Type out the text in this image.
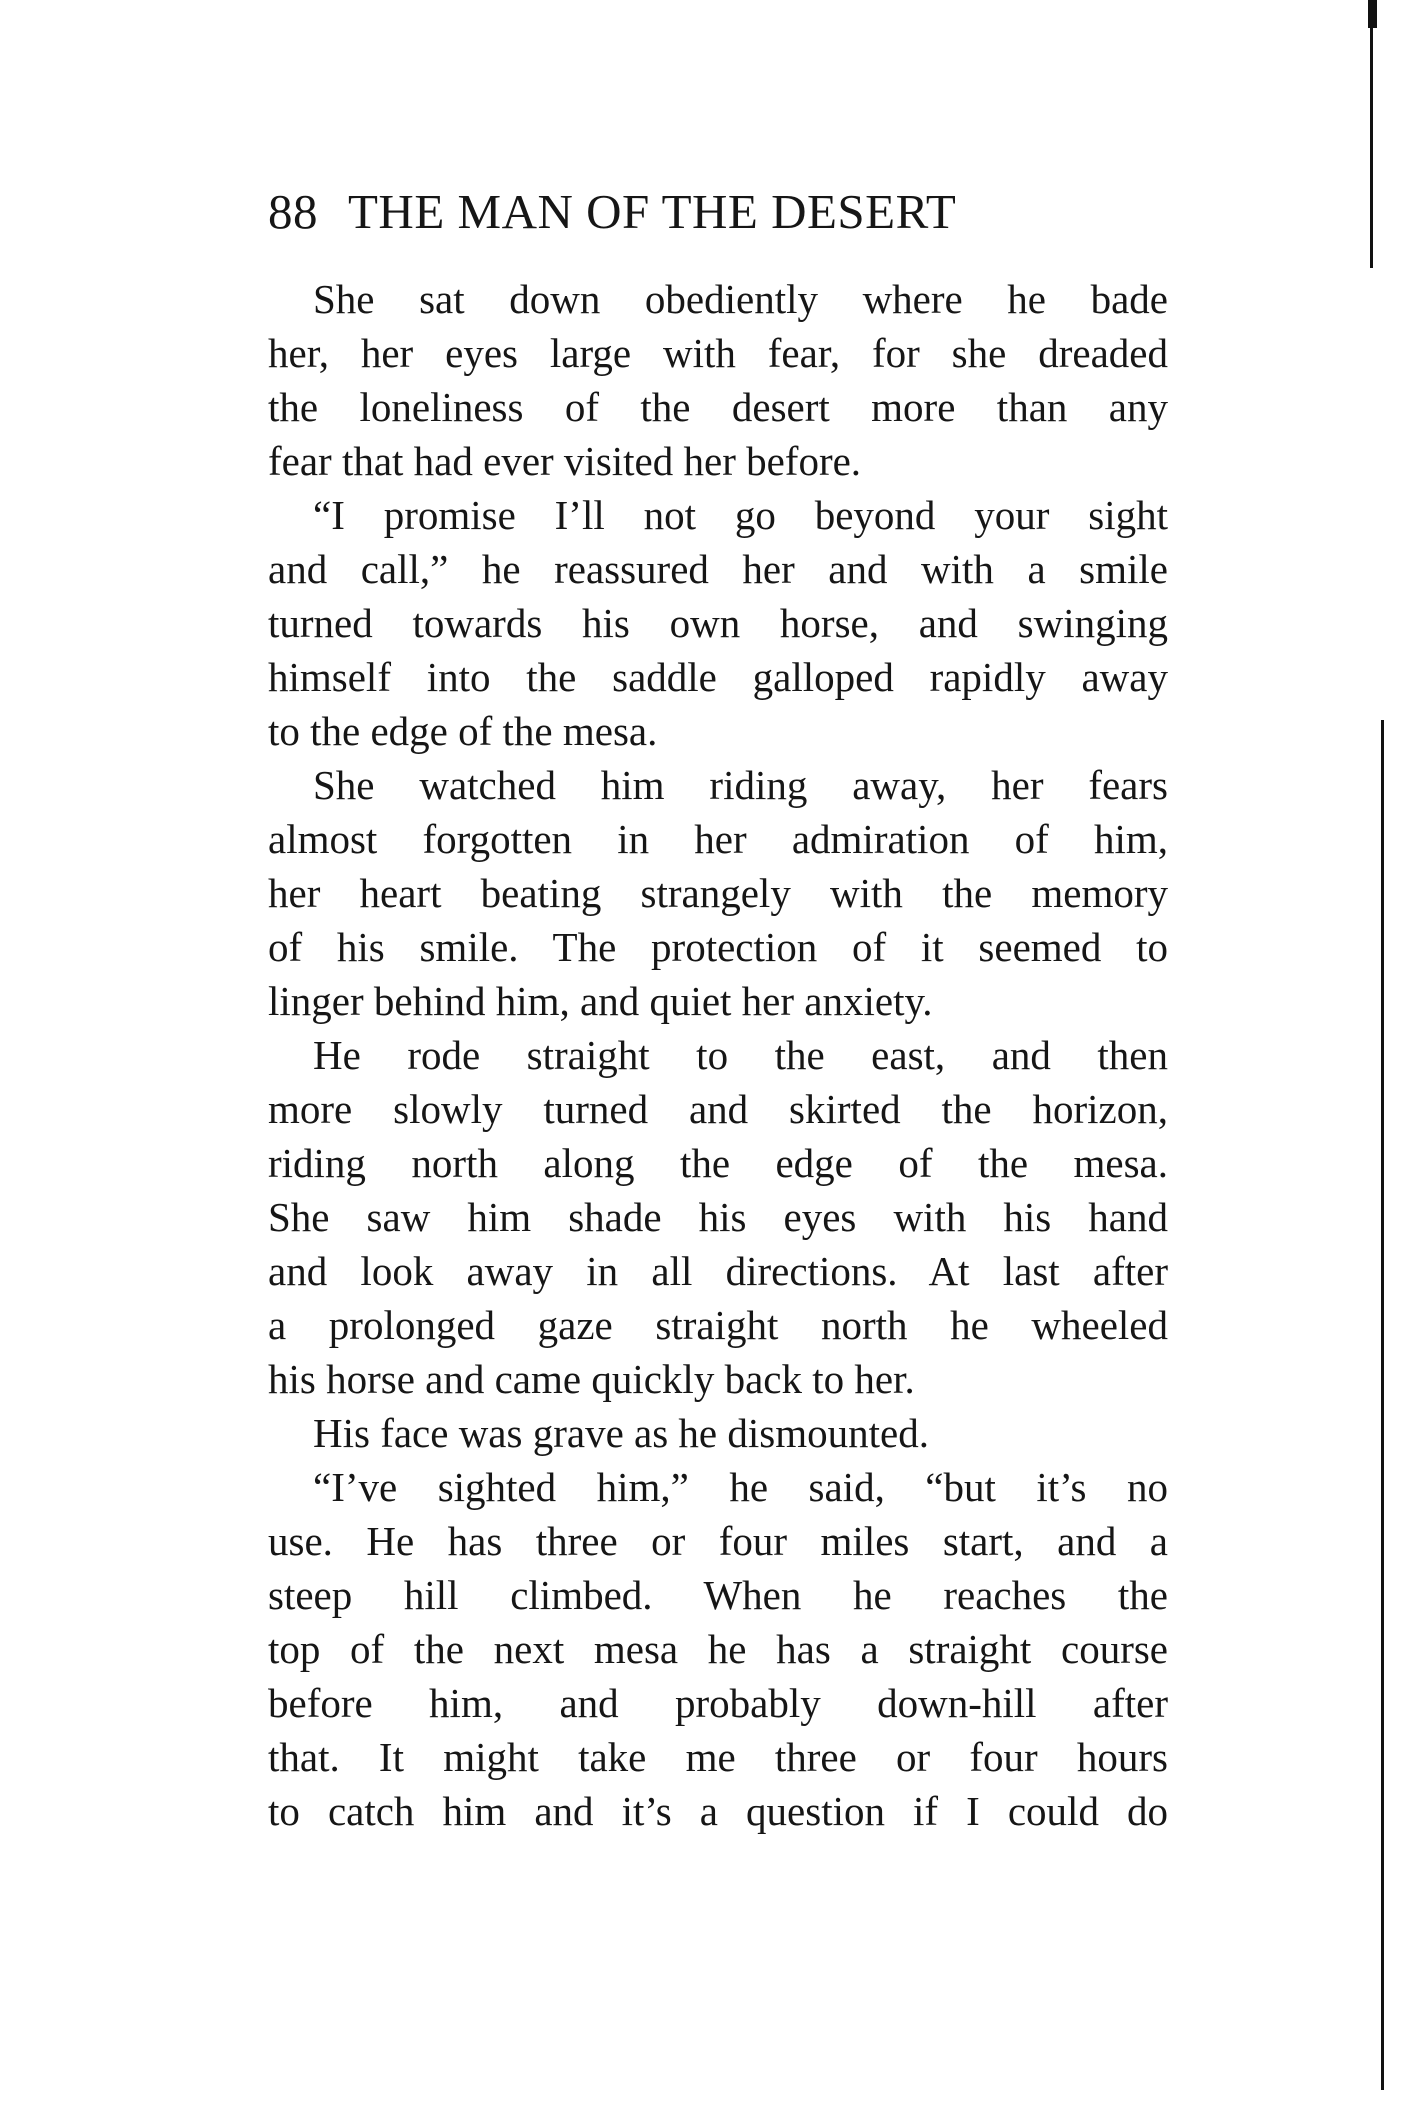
88 THE MAN OF THE DESERT
She sat down obediently where he bade
her, her eyes large with fear, for she dreaded
the loneliness of the desert more than any
fear that had ever visited her before.
“I promise I’ll not go beyond your sight
and call,” he reassured her and with a smile
turned towards his own horse, and swinging
himself into the saddle galloped rapidly away
to the edge of the mesa.
She watched him riding away, her fears
almost forgotten in her admiration of him,
her heart beating strangely with the memory
of his smile. The protection of it seemed to
linger behind him, and quiet her anxiety.
He rode straight to the east, and then
more slowly turned and skirted the horizon,
riding north along the edge of the mesa.
She saw him shade his eyes with his hand
and look away in all directions. At last after
a prolonged gaze straight north he wheeled
his horse and came quickly back to her.
His face was grave as he dismounted.
“I’ve sighted him,” he said, “but it’s no
use. He has three or four miles start, and a
steep hill climbed. When he reaches the
top of the next mesa he has a straight course
before him, and probably down-hill after
that. It might take me three or four hours
to catch him and it’s a question if I could do
